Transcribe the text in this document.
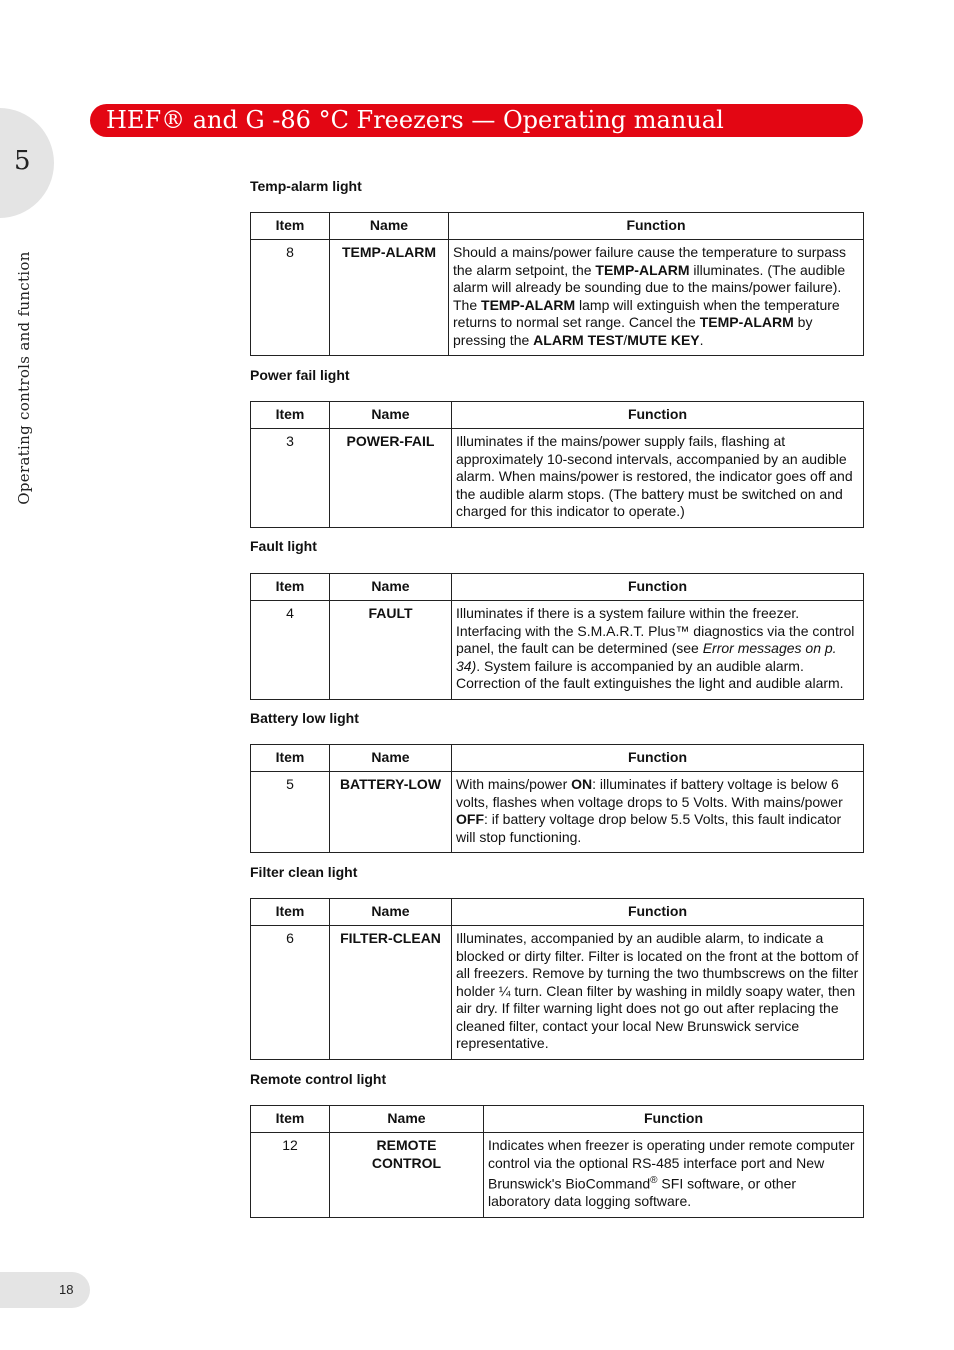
5
Operating controls and function
HEF® and G -86 °C Freezers — Operating manual
Temp-alarm light
Item	Name	Function
8	TEMP-ALARM	Should a mains/power failure cause the temperature to surpass the alarm setpoint, the TEMP-ALARM illuminates. (The audible alarm will already be sounding due to the mains/power failure). The TEMP-ALARM lamp will extinguish when the temperature returns to normal set range. Cancel the TEMP-ALARM by pressing the ALARM TEST/MUTE KEY.
Power fail light
Item	Name	Function
3	POWER-FAIL	Illuminates if the mains/power supply fails, flashing at approximately 10-second intervals, accompanied by an audible alarm. When mains/power is restored, the indicator goes off and the audible alarm stops. (The battery must be switched on and charged for this indicator to operate.)
Fault light
Item	Name	Function
4	FAULT	Illuminates if there is a system failure within the freezer. Interfacing with the S.M.A.R.T. Plus™ diagnostics via the control panel, the fault can be determined (see Error messages on p. 34). System failure is accompanied by an audible alarm. Correction of the fault extinguishes the light and audible alarm.
Battery low light
Item	Name	Function
5	BATTERY-LOW	With mains/power ON: illuminates if battery voltage is below 6 volts, flashes when voltage drops to 5 Volts. With mains/power OFF: if battery voltage drop below 5.5 Volts, this fault indicator will stop functioning.
Filter clean light
Item	Name	Function
6	FILTER-CLEAN	Illuminates, accompanied by an audible alarm, to indicate a blocked or dirty filter. Filter is located on the front at the bottom of all freezers. Remove by turning the two thumbscrews on the filter holder ¼ turn. Clean filter by washing in mildly soapy water, then air dry. If filter warning light does not go out after replacing the cleaned filter, contact your local New Brunswick service representative.
Remote control light
Item	Name	Function
12	REMOTE CONTROL	Indicates when freezer is operating under remote computer control via the optional RS-485 interface port and New Brunswick's BioCommand® SFI software, or other laboratory data logging software.
18
